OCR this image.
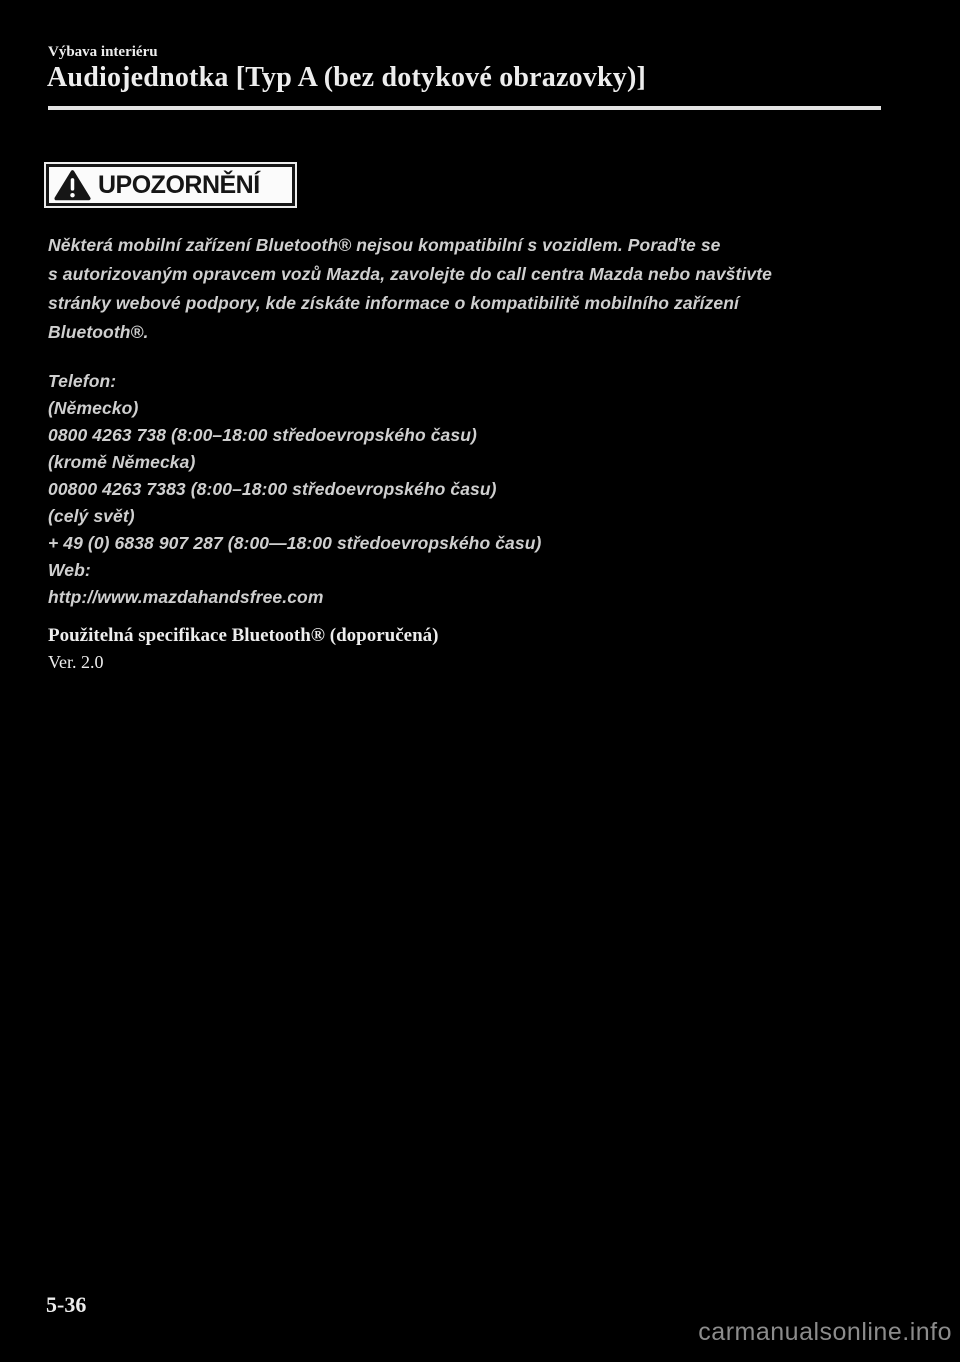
Výbava interiéru
Audiojednotka [Typ A (bez dotykové obrazovky)]
UPOZORNĚNÍ
Některá mobilní zařízení Bluetooth® nejsou kompatibilní s vozidlem. Poraďte se
s autorizovaným opravcem vozů Mazda, zavolejte do call centra Mazda nebo navštivte
stránky webové podpory, kde získáte informace o kompatibilitě mobilního zařízení
Bluetooth®.
Telefon:
(Německo)
0800 4263 738 (8:00–18:00 středoevropského času)
(kromě Německa)
00800 4263 7383 (8:00–18:00 středoevropského času)
(celý svět)
+ 49 (0) 6838 907 287 (8:00—18:00 středoevropského času)
Web:
http://www.mazdahandsfree.com
Použitelná specifikace Bluetooth® (doporučená)
Ver. 2.0
5-36
carmanualsonline.info
